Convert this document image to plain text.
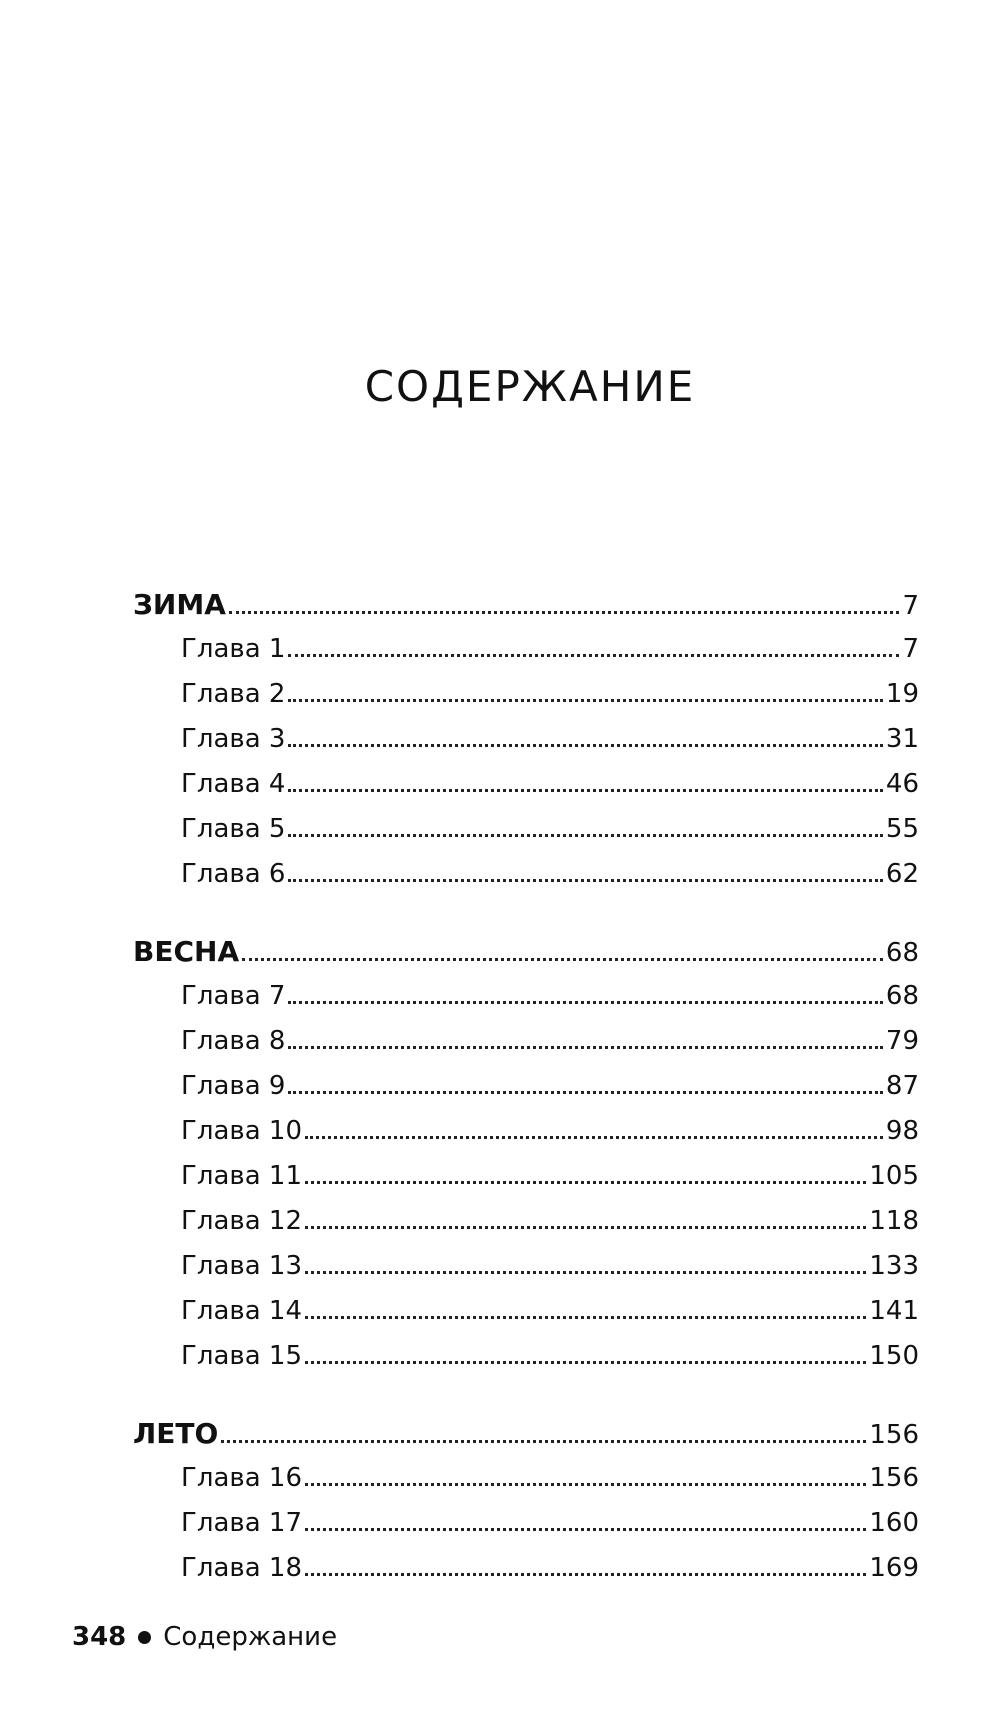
СОДЕРЖАНИЕ
ЗИМА	7
Глава 1	7
Глава 2	19
Глава 3	31
Глава 4	46
Глава 5	55
Глава 6	62
ВЕСНА	68
Глава 7	68
Глава 8	79
Глава 9	87
Глава 10	98
Глава 11	105
Глава 12	118
Глава 13	133
Глава 14	141
Глава 15	150
ЛЕТО	156
Глава 16	156
Глава 17	160
Глава 18	169
348 Содержание
